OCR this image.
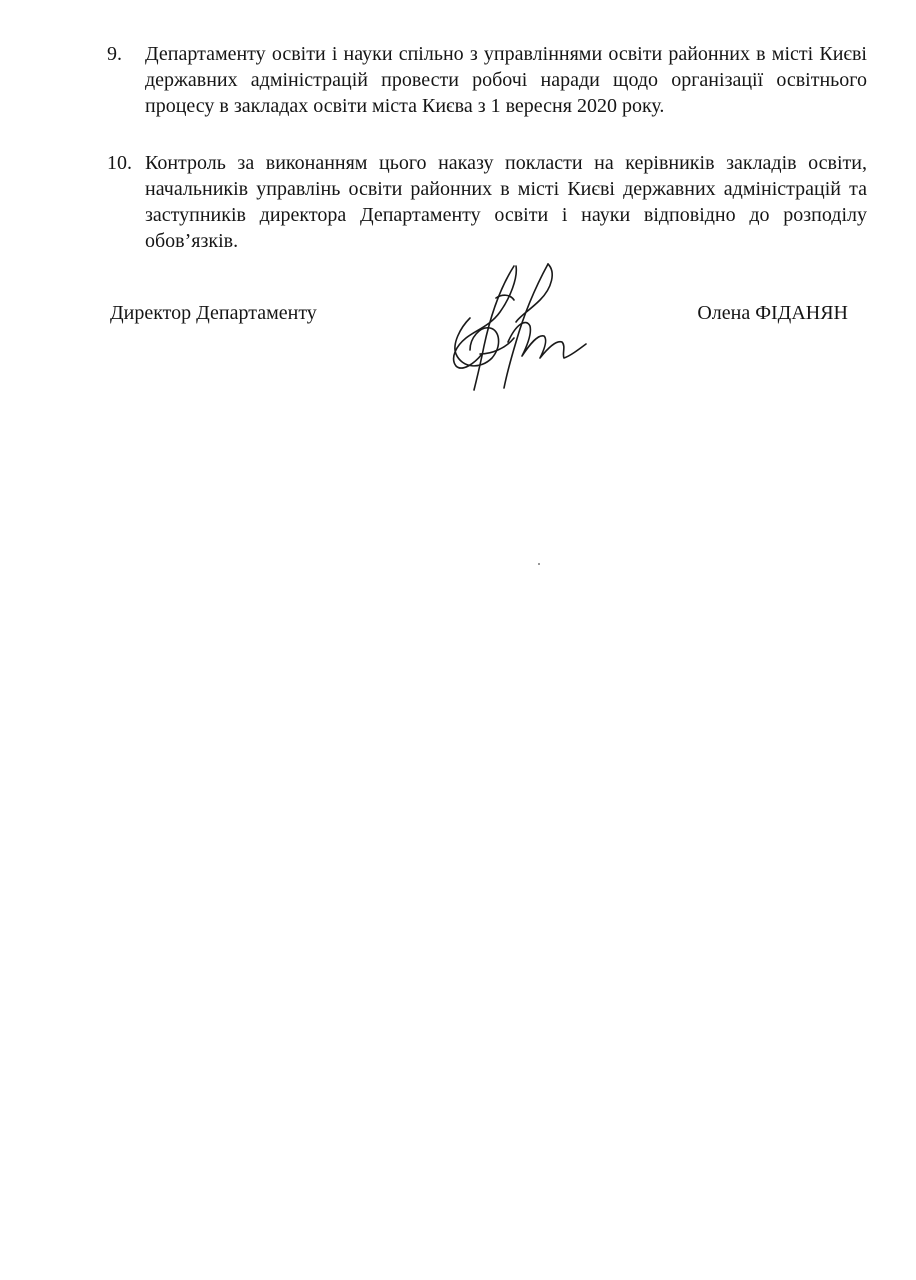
9.	Департаменту освіти і науки спільно з управліннями освіти районних в місті Києві державних адміністрацій провести робочі наради щодо організації освітнього процесу в закладах освіти міста Києва з 1 вересня 2020 року.
10. Контроль за виконанням цього наказу покласти на керівників закладів освіти, начальників управлінь освіти районних в місті Києві державних адміністрацій та заступників директора Департаменту освіти і науки відповідно до розподілу обов’язків.
Директор Департаменту	Олена ФІДАНЯН
